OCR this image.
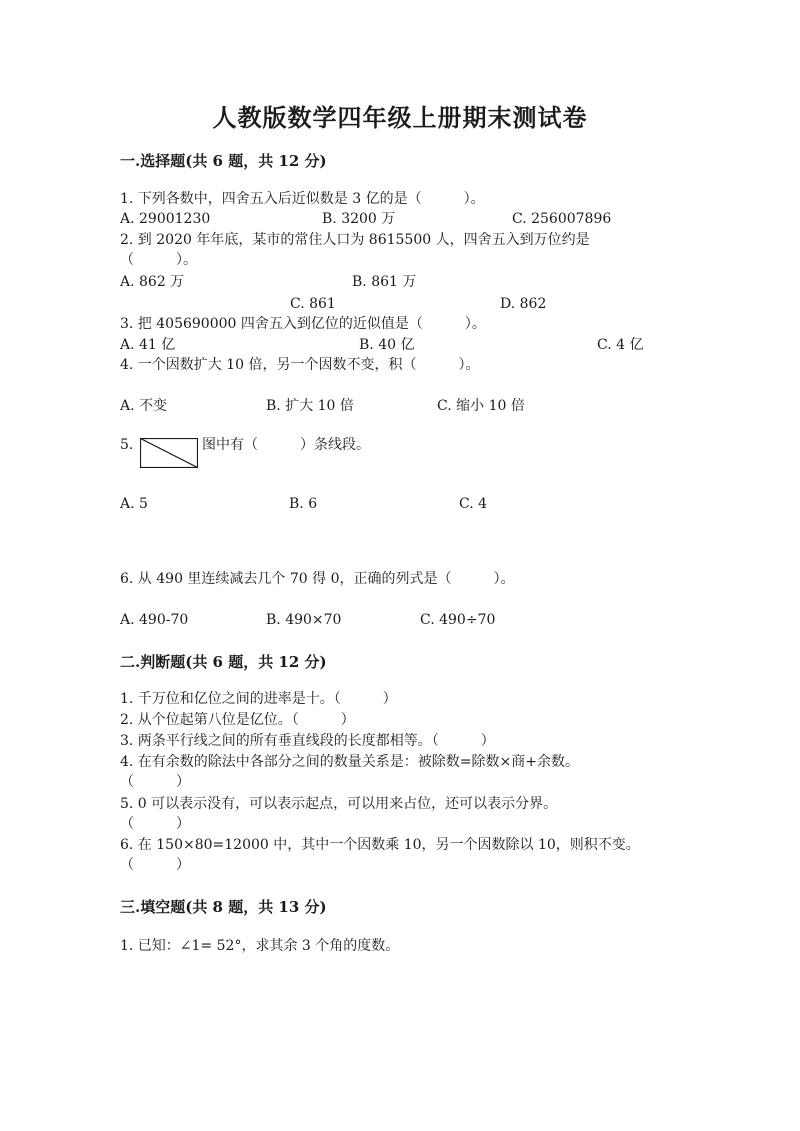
人教版数学四年级上册期末测试卷
一.选择题(共 6 题，共 12 分)
1. 下列各数中，四舍五入后近似数是 3 亿的是（　　　）。
A. 29001230	B. 3200 万	C. 256007896
2. 到 2020 年年底，某市的常住人口为 8615500 人，四舍五入到万位约是
（　　　）。
A. 862 万	B. 861 万
C. 861	D. 862
3. 把 405690000 四舍五入到亿位的近似值是（　　　）。
A. 41 亿	B. 40 亿	C. 4 亿
4. 一个因数扩大 10 倍，另一个因数不变，积（　　　）。
A. 不变	B. 扩大 10 倍	C. 缩小 10 倍
5.	图中有（　　　）条线段。
A. 5	B. 6	C. 4
6. 从 490 里连续减去几个 70 得 0，正确的列式是（　　　）。
A. 490-70	B. 490×70	C. 490÷70
二.判断题(共 6 题，共 12 分)
1. 千万位和亿位之间的进率是十。（　　　）
2. 从个位起第八位是亿位。（　　　）
3. 两条平行线之间的所有垂直线段的长度都相等。（　　　）
4. 在有余数的除法中各部分之间的数量关系是：被除数=除数×商+余数。
（　　　）
5. 0 可以表示没有，可以表示起点，可以用来占位，还可以表示分界。
（　　　）
6. 在 150×80=12000 中，其中一个因数乘 10，另一个因数除以 10，则积不变。
（　　　）
三.填空题(共 8 题，共 13 分)
1. 已知：∠1= 52°，求其余 3 个角的度数。
